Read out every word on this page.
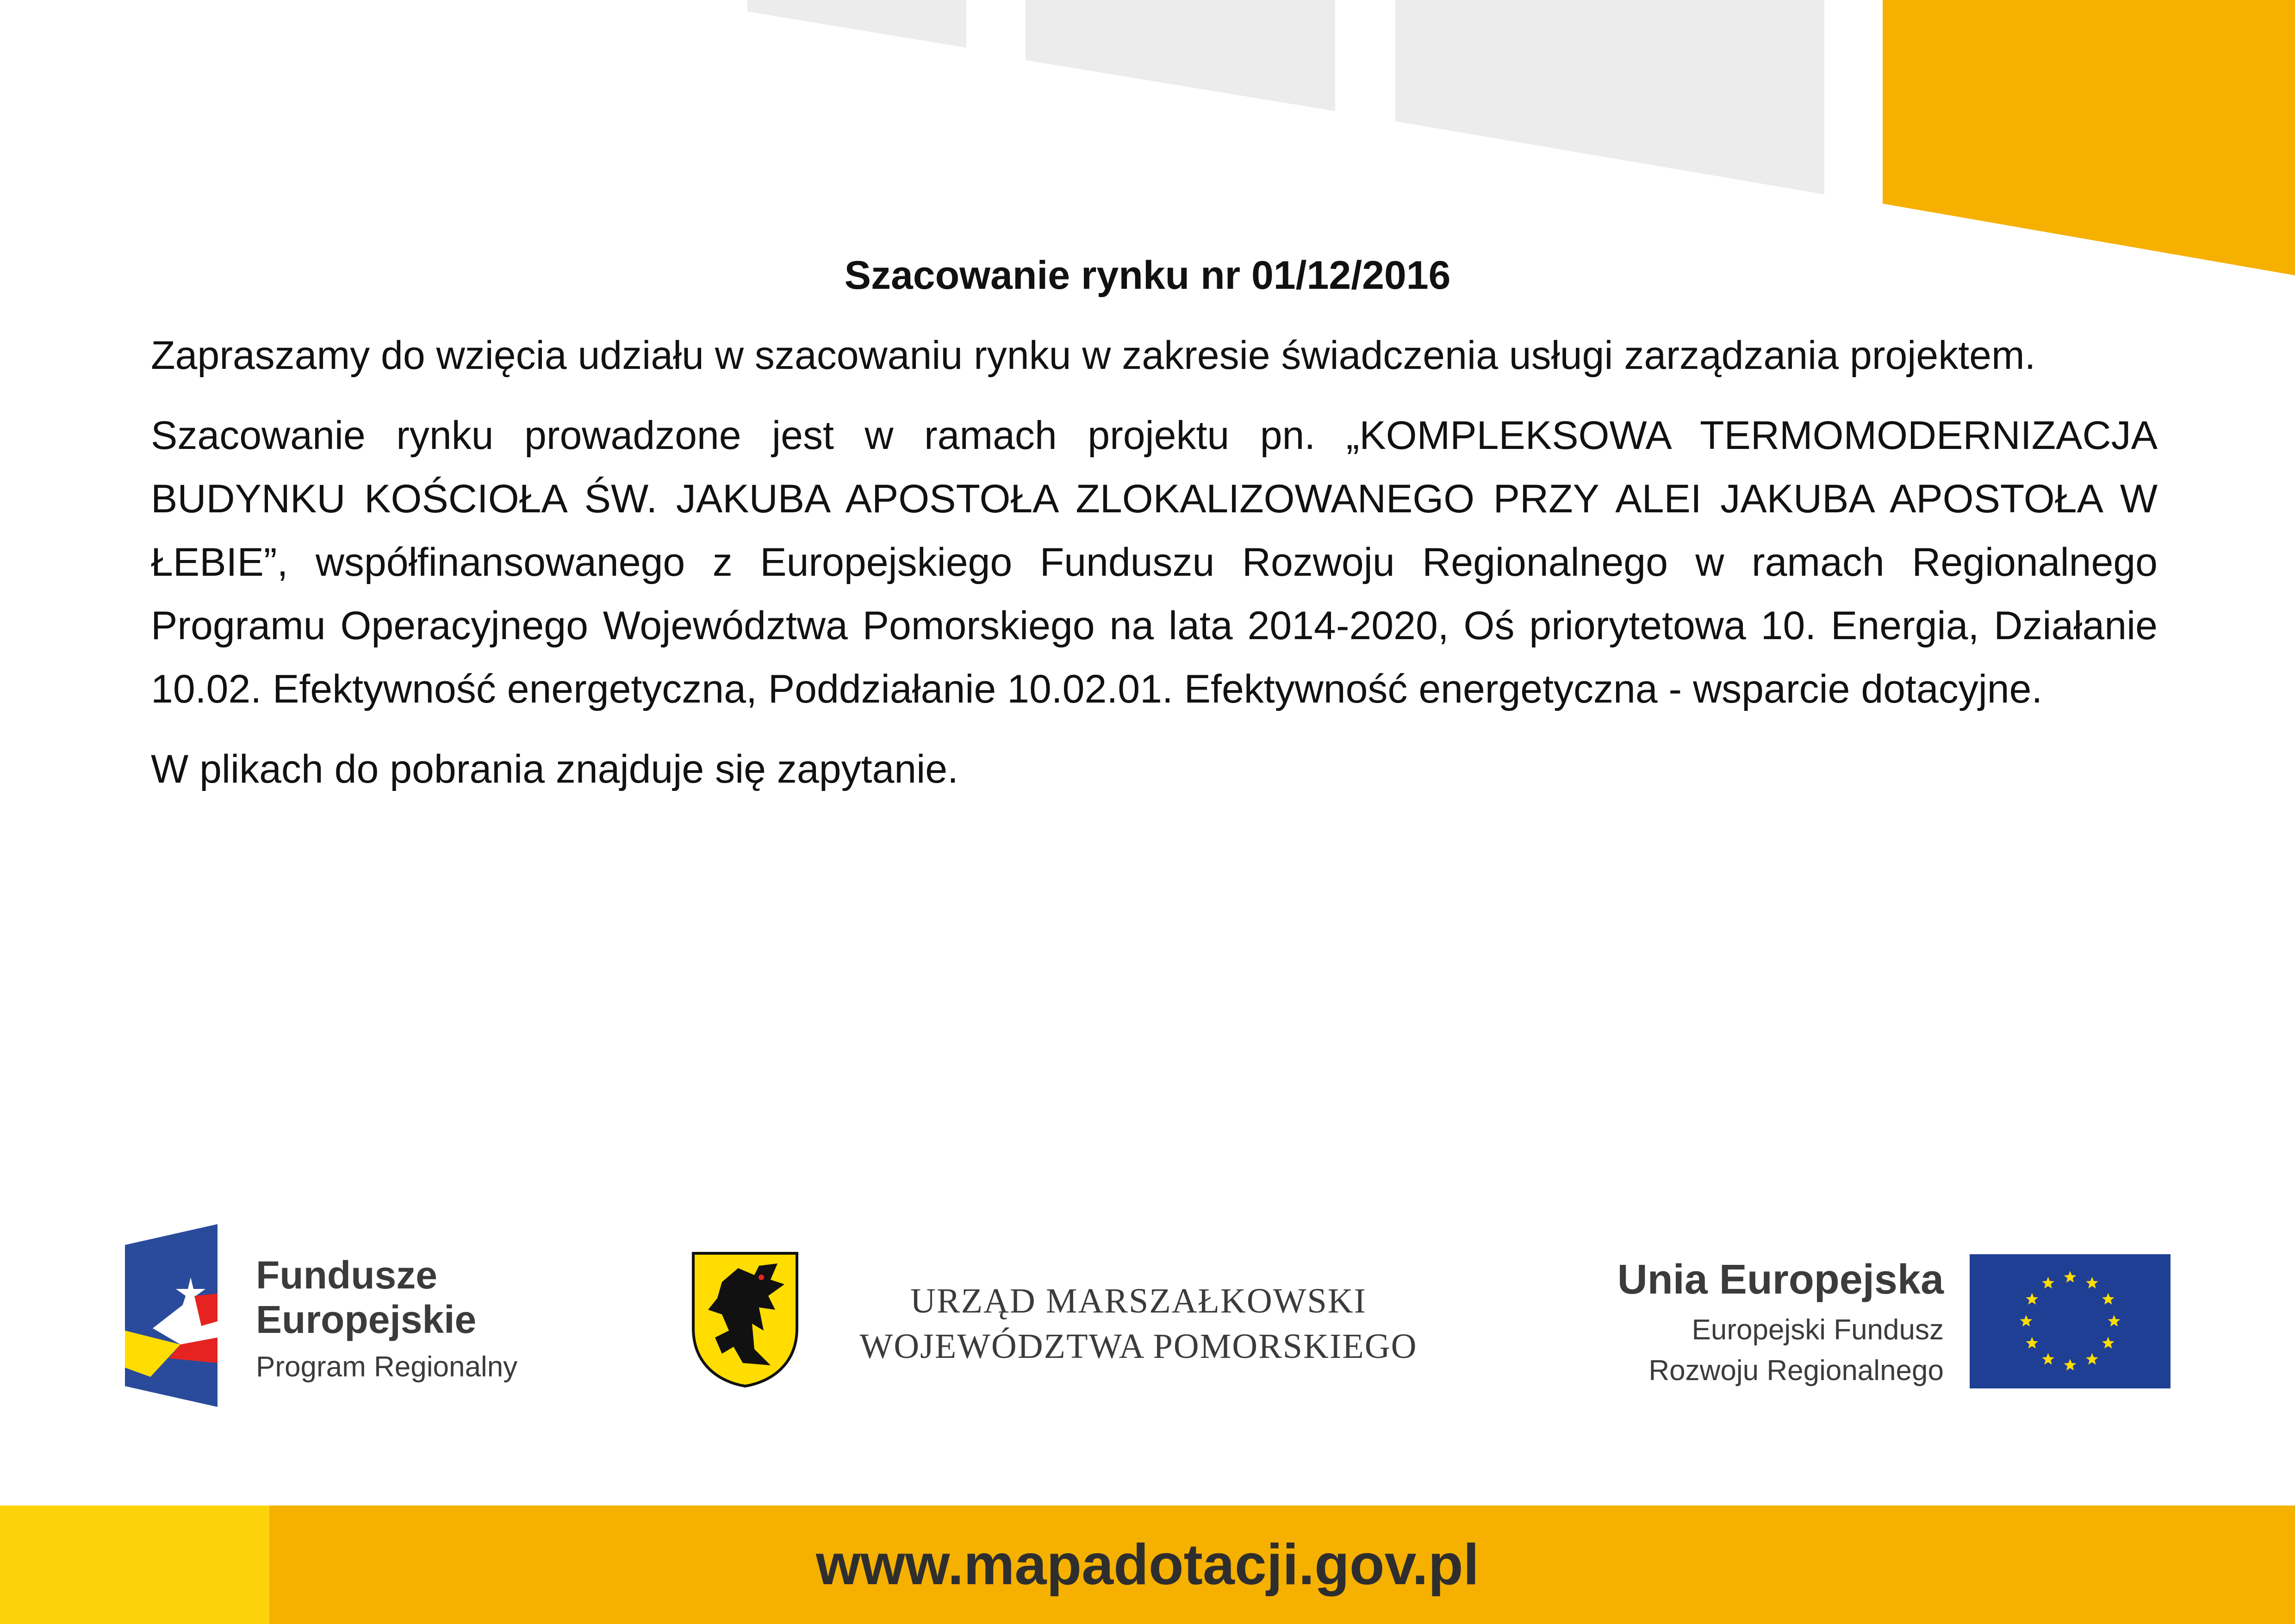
Szacowanie rynku nr 01/12/2016

Zapraszamy do wzięcia udziału w szacowaniu rynku w zakresie świadczenia usługi zarządzania projektem.

Szacowanie rynku prowadzone jest w ramach projektu pn. „KOMPLEKSOWA TERMOMODERNIZACJA BUDYNKU KOŚCIOŁA ŚW. JAKUBA APOSTOŁA ZLOKALIZOWANEGO PRZY ALEI JAKUBA APOSTOŁA W ŁEBIE”, współfinansowanego z Europejskiego Funduszu Rozwoju Regionalnego w ramach Regionalnego Programu Operacyjnego Województwa Pomorskiego na lata 2014-2020, Oś priorytetowa 10. Energia, Działanie 10.02. Efektywność energetyczna, Poddziałanie 10.02.01. Efektywność energetyczna - wsparcie dotacyjne.

W plikach do pobrania znajduje się zapytanie.

Fundusze
Europejskie
Program Regionalny
URZĄD MARSZAŁKOWSKI
WOJEWÓDZTWA POMORSKIEGO
Unia Europejska
Europejski Fundusz
Rozwoju Regionalnego
www.mapadotacji.gov.pl
